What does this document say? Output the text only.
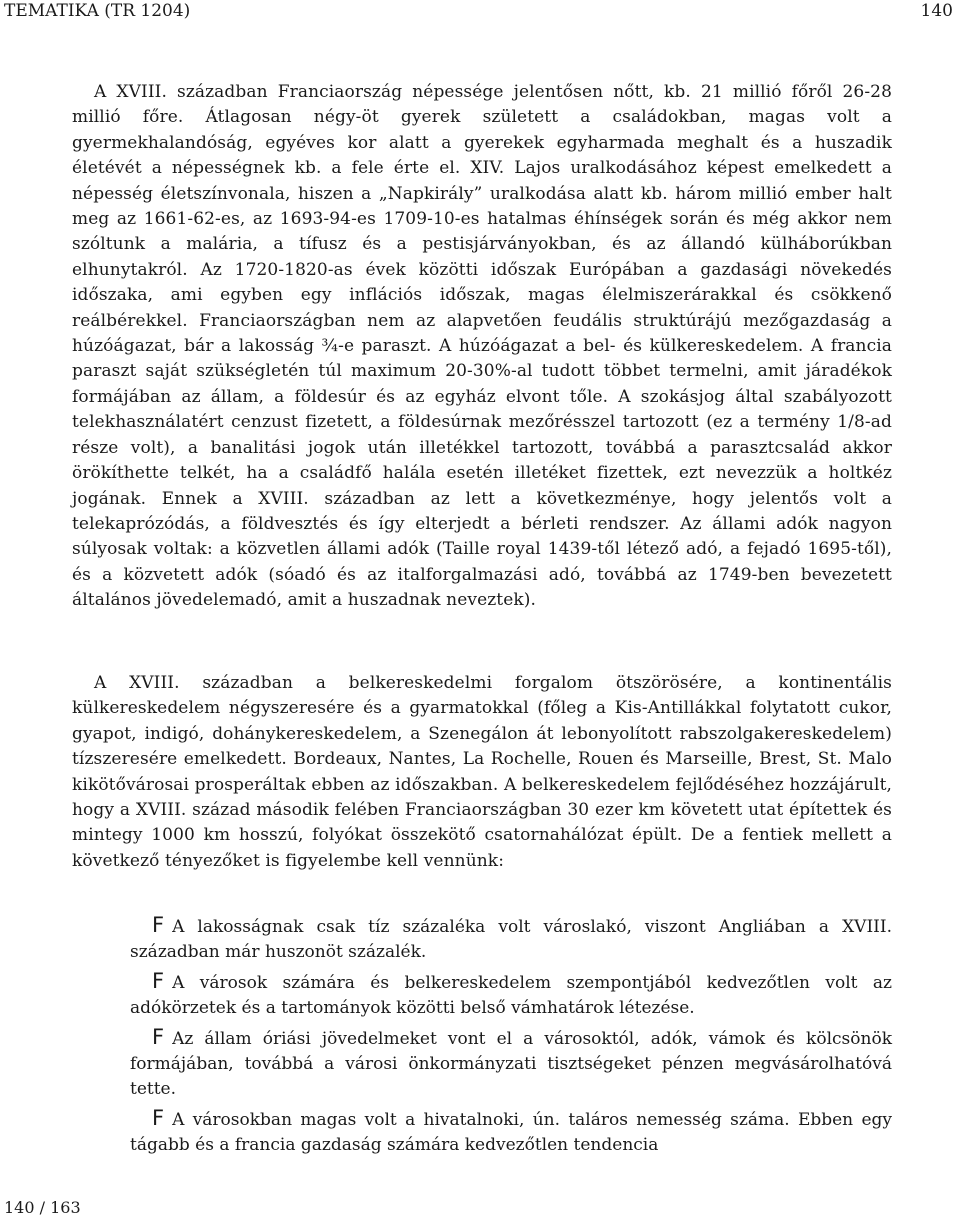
TEMATIKA (TR 1204)	140

A XVIII. században Franciaország népessége jelentősen nőtt, kb. 21 millió főről 26-28 millió főre. Átlagosan négy-öt gyerek született a családokban, magas volt a gyermekhalandóság, egyéves kor alatt a gyerekek egyharmada meghalt és a huszadik életévét a népességnek kb. a fele érte el. XIV. Lajos uralkodásához képest emelkedett a népesség életszínvonala, hiszen a „Napkirály” uralkodása alatt kb. három millió ember halt meg az 1661-62-es, az 1693-94-es 1709-10-es hatalmas éhínségek során és még akkor nem szóltunk a malária, a tífusz és a pestisjárványokban, és az állandó külháborúkban elhunytakról. Az 1720-1820-as évek közötti időszak Európában a gazdasági növekedés időszaka, ami egyben egy inflációs időszak, magas élelmiszerárakkal és csökkenő reálbérekkel. Franciaországban nem az alapvetően feudális struktúrájú mezőgazdaság a húzóágazat, bár a lakosság ¾-e paraszt. A húzóágazat a bel- és külkereskedelem. A francia paraszt saját szükségletén túl maximum 20-30%-al tudott többet termelni, amit járadékok formájában az állam, a földesúr és az egyház elvont tőle. A szokásjog által szabályozott telekhasználatért cenzust fizetett, a földesúrnak mezőrésszel tartozott (ez a termény 1/8-ad része volt), a banalitási jogok után illetékkel tartozott, továbbá a parasztcsalád akkor örökíthette telkét, ha a családfő halála esetén illetéket fizettek, ezt nevezzük a holtkéz jogának. Ennek a XVIII. században az lett a következménye, hogy jelentős volt a telekaprózódás, a földvesztés és így elterjedt a bérleti rendszer. Az állami adók nagyon súlyosak voltak: a közvetlen állami adók (Taille royal 1439-től létező adó, a fejadó 1695-től), és a közvetett adók (sóadó és az italforgalmazási adó, továbbá az 1749-ben bevezetett általános jövedelemadó, amit a huszadnak neveztek).

A XVIII. században a belkereskedelmi forgalom ötszörösére, a kontinentális külkereskedelem négyszeresére és a gyarmatokkal (főleg a Kis-Antillákkal folytatott cukor, gyapot, indigó, dohánykereskedelem, a Szenegálon át lebonyolított rabszolgakereskedelem) tízszeresére emelkedett. Bordeaux, Nantes, La Rochelle, Rouen és Marseille, Brest, St. Malo kikötővárosai prosperáltak ebben az időszakban. A belkereskedelem fejlődéséhez hozzájárult, hogy a XVIII. század második felében Franciaországban 30 ezer km követett utat építettek és mintegy 1000 km hosszú, folyókat összekötő csatornahálózat épült. De a fentiek mellett a következő tényezőket is figyelembe kell vennünk:

F A lakosságnak csak tíz százaléka volt városlakó, viszont Angliában a XVIII. században már huszonöt százalék.

F A városok számára és belkereskedelem szempontjából kedvezőtlen volt az adókörzetek és a tartományok közötti belső vámhatárok létezése.

F Az állam óriási jövedelmeket vont el a városoktól, adók, vámok és kölcsönök formájában, továbbá a városi önkormányzati tisztségeket pénzen megvásárolhatóvá tette.

F A városokban magas volt a hivatalnoki, ún. taláros nemesség száma. Ebben egy tágabb és a francia gazdaság számára kedvezőtlen tendencia

140 / 163
